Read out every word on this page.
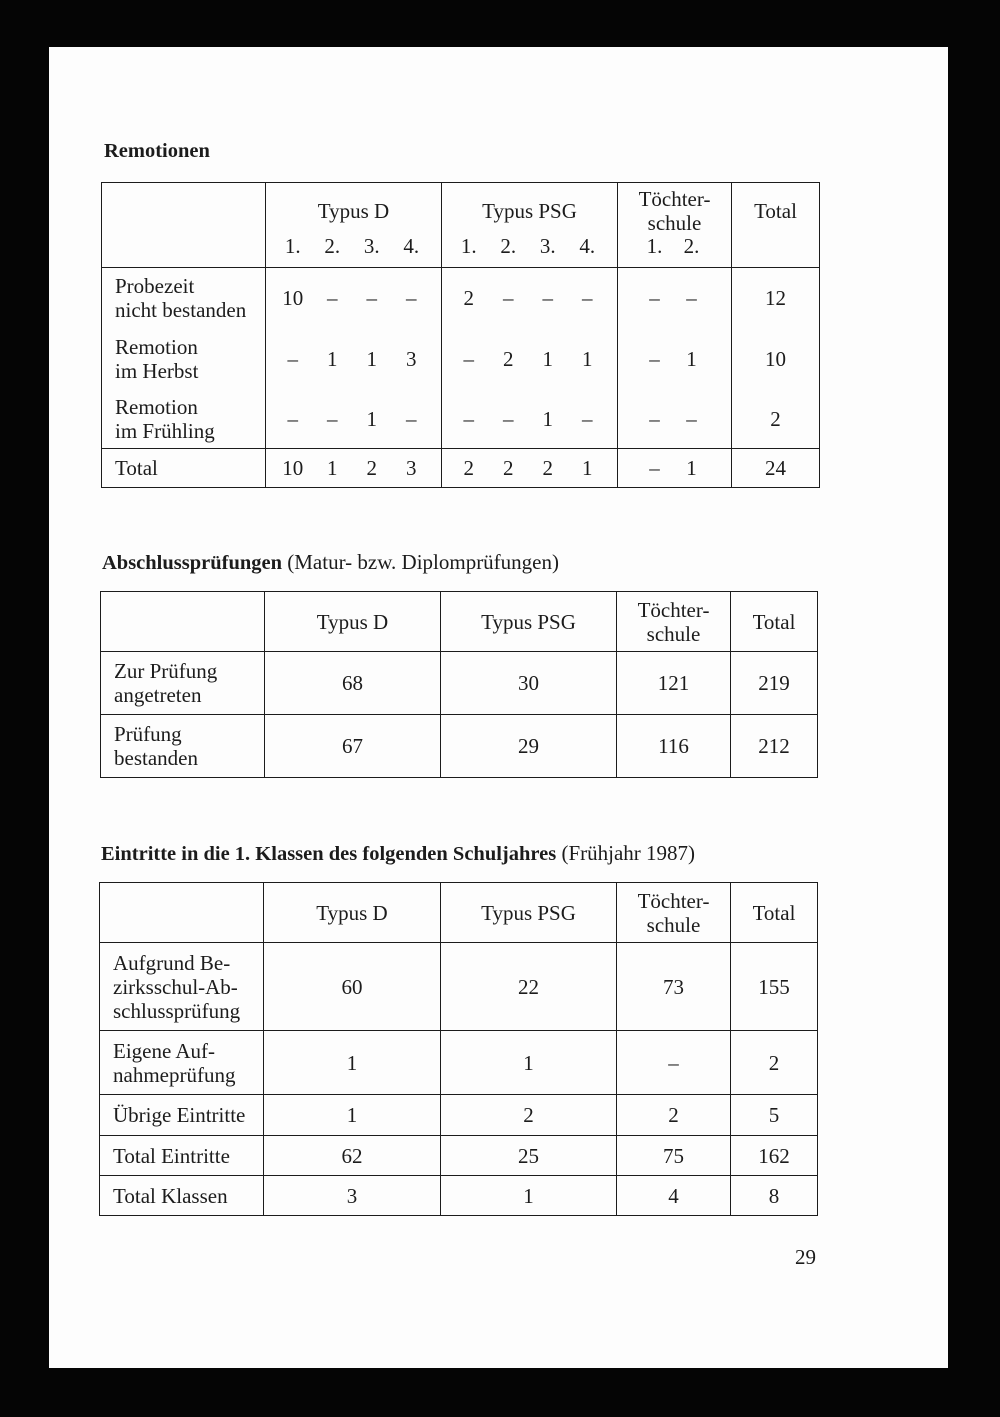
Remotionen
Typus D
1.	2.	3.	4.
Typus PSG
1.	2.	3.	4.
Töchter-
schule
1.	2.
Total
Probezeit
nicht bestanden	10	–	–	–	2	–	–	–	–	–	12
Remotion
im Herbst	–	1	1	3	–	2	1	1	–	1	10
Remotion
im Frühling	–	–	1	–	–	–	1	–	–	–	2
Total	10	1	2	3	2	2	2	1	–	1	24
Abschlussprüfungen (Matur- bzw. Diplomprüfungen)
Typus D	Typus PSG	Töchter-
schule	Total
Zur Prüfung
angetreten	68	30	121	219
Prüfung
bestanden	67	29	116	212
Eintritte in die 1. Klassen des folgenden Schuljahres (Frühjahr 1987)
Typus D	Typus PSG	Töchter-
schule	Total
Aufgrund Be-
zirksschul-Ab-
schlussprüfung
60	22	73	155
Eigene Auf-
nahmeprüfung	1	1	–	2
Übrige Eintritte	1	2	2	5
Total Eintritte	62	25	75	162
Total Klassen	3	1	4	8
29
